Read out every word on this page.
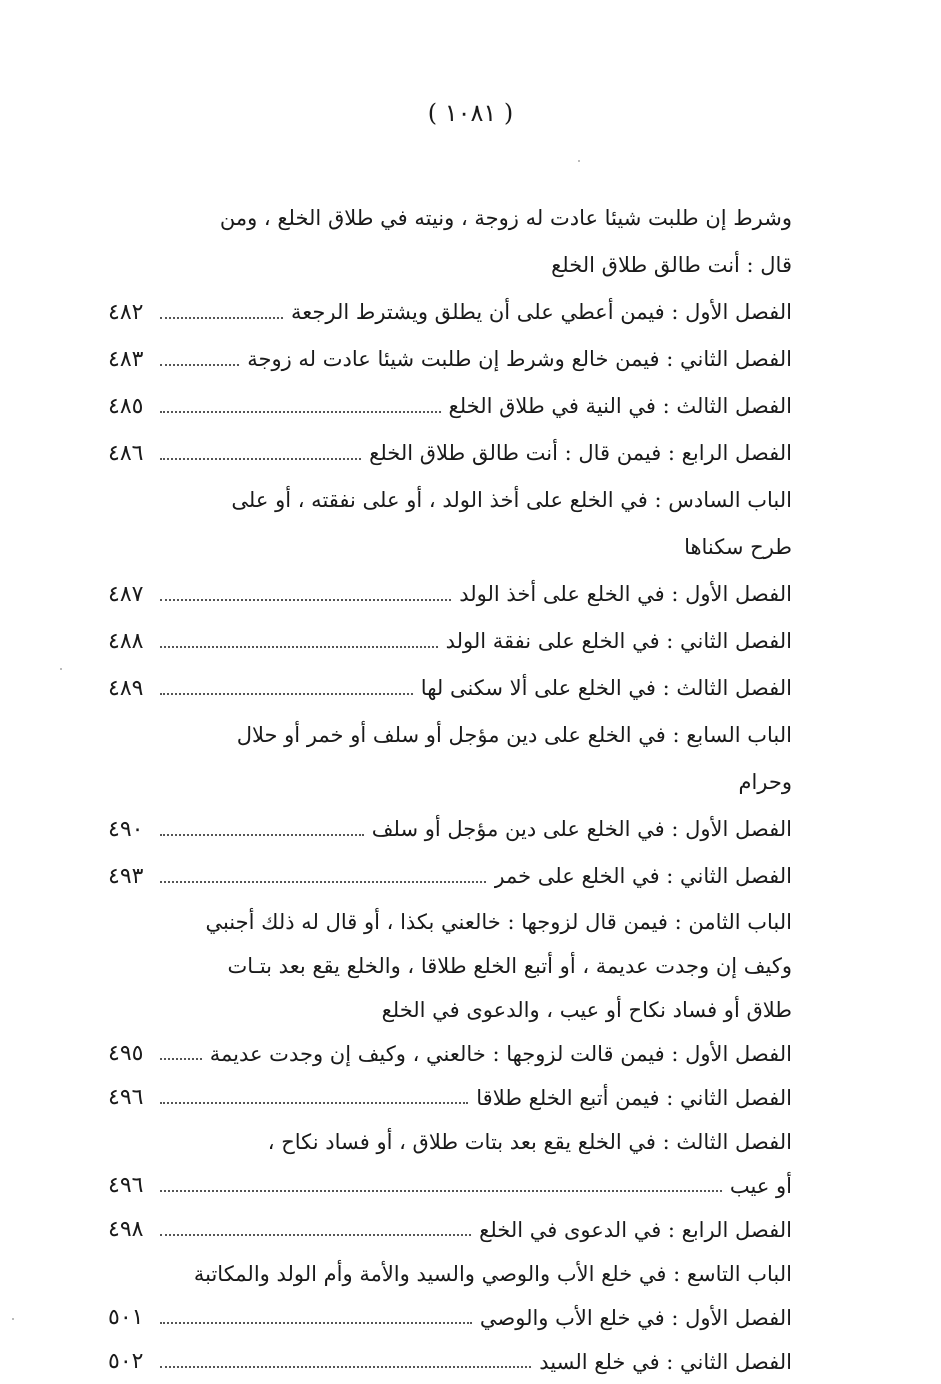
( ١٠٨١ )
وشرط إن طلبت شيئا عادت له زوجة ، ونيته في طلاق الخلع ، ومن
قال : أنت طالق طلاق الخلع
الفصل الأول : فيمن أعطي على أن يطلق ويشترط الرجعة
٤٨٢
الفصل الثاني : فيمن خالع وشرط إن طلبت شيئا عادت له زوجة
٤٨٣
الفصل الثالث : في النية في طلاق الخلع
٤٨٥
الفصل الرابع : فيمن قال : أنت طالق طلاق الخلع
٤٨٦
الباب السادس : في الخلع على أخذ الولد ، أو على نفقته ، أو على
طرح سكناها
الفصل الأول : في الخلع على أخذ الولد
٤٨٧
الفصل الثاني : في الخلع على نفقة الولد
٤٨٨
الفصل الثالث : في الخلع على ألا سكنى لها
٤٨٩
الباب السابع : في الخلع على دين مؤجل أو سلف أو خمر أو حلال
وحرام
الفصل الأول : في الخلع على دين مؤجل أو سلف
٤٩٠
الفصل الثاني : في الخلع على خمر
٤٩٣
الباب الثامن : فيمن قال لزوجها : خالعني بكذا ، أو قال له ذلك أجنبي
وكيف إن وجدت عديمة ، أو أتبع الخلع طلاقا ، والخلع يقع بعد بتـات
طلاق أو فساد نكاح أو عيب ، والدعوى في الخلع
الفصل الأول : فيمن قالت لزوجها : خالعني ، وكيف إن وجدت عديمة
٤٩٥
الفصل الثاني : فيمن أتبع الخلع طلاقا
٤٩٦
الفصل الثالث : في الخلع يقع بعد بتات طلاق ، أو فساد نكاح ،
أو عيب
٤٩٦
الفصل الرابع : في الدعوى في الخلع
٤٩٨
الباب التاسع : في خلع الأب والوصي والسيد والأمة وأم الولد والمكاتبة
الفصل الأول : في خلع الأب والوصي
٥٠١
الفصل الثاني : في خلع السيد
٥٠٢
